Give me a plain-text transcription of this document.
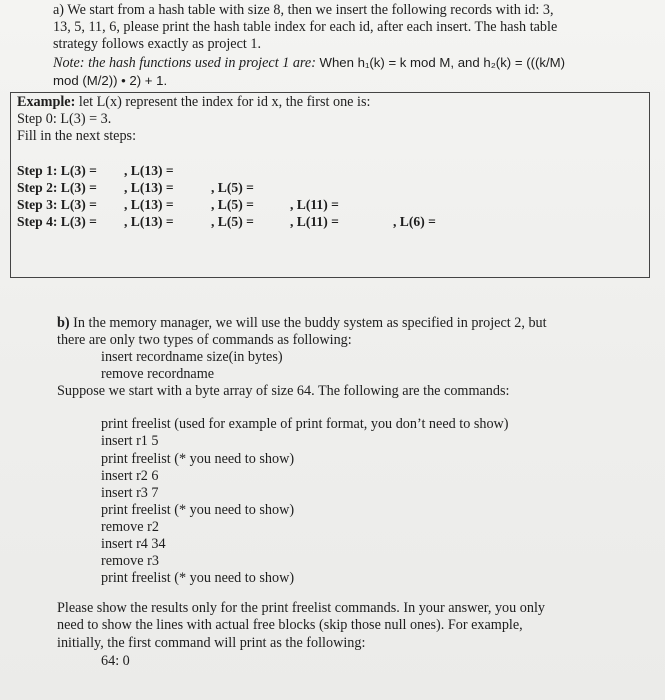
a) We start from a hash table with size 8, then we insert the following records with id: 3,
13, 5, 11, 6, please print the hash table index for each id, after each insert. The hash table
strategy follows exactly as project 1.
Note: the hash functions used in project 1 are: When h₁(k) = k mod M, and h₂(k) = (((k/M)
mod (M/2)) • 2) + 1.
Example: let L(x) represent the index for id x, the first one is:
Step 0: L(3) = 3.
Fill in the next steps:
Step 1: L(3) = , L(13) =
Step 2: L(3) = , L(13) =	, L(5) =
Step 3: L(3) = , L(13) =	, L(5) =	, L(11) =
Step 4: L(3) = , L(13) =	, L(5) =	, L(11) =	, L(6) =
b) In the memory manager, we will use the buddy system as specified in project 2, but
there are only two types of commands as following:
insert recordname size(in bytes)
remove recordname
Suppose we start with a byte array of size 64. The following are the commands:
print freelist (used for example of print format, you don’t need to show)
insert r1 5
print freelist (* you need to show)
insert r2 6
insert r3 7
print freelist (* you need to show)
remove r2
insert r4 34
remove r3
print freelist (* you need to show)
Please show the results only for the print freelist commands. In your answer, you only
need to show the lines with actual free blocks (skip those null ones). For example,
initially, the first command will print as the following:
64: 0
